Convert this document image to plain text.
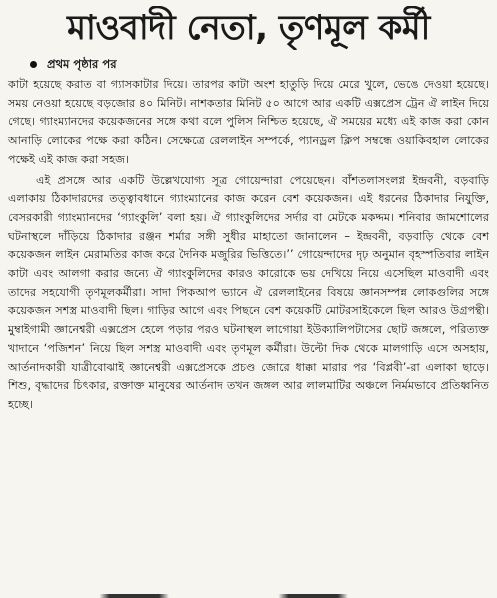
মাওবাদী নেতা, তৃণমূল কর্মী
প্রথম পৃষ্ঠার পর

কাটা হয়েছে করাত বা গ্যাসকাটার দিয়ে। তারপর কাটা অংশ হাতুড়ি দিয়ে মেরে খুলে, ভেঙে দেওয়া হয়েছে। সময় নেওয়া হয়েছে বড়জোর ৪০ মিনিট। নাশকতার মিনিট ৫০ আগে আর একটি এক্সপ্রেস ট্রেন ঐ লাইন দিয়ে গেছে। গ্যাংম্যানদের কয়েকজনের সঙ্গে কথা বলে পুলিস নিশ্চিত হয়েছে, ঐ সময়ের মধ্যে এই কাজ করা কোন আনাড়ি লোকের পক্ষে করা কঠিন। সেক্ষেত্রে রেললাইন সম্পর্কে, প্যানড্রল ক্লিপ সম্বন্ধে ওয়াকিবহাল লোকের পক্ষেই এই কাজ করা সহজ।

এই প্রসঙ্গে আর একটি উল্লেখযোগ্য সূত্র গোয়েন্দারা পেয়েছেন। বাঁশতলাসংলগ্ন ইন্দ্রবনী, বড়বাড়ি এলাকায় ঠিকাদারদের তত্ত্বাবধানে গ্যাংম্যানের কাজ করেন বেশ কয়েকজন। এই ধরনের ঠিকাদার নিযুক্তি, বেসরকারী গ্যাংম্যানদের ‘গ্যাংকুলি’ বলা হয়। ঐ গ্যাংকুলিদের সর্দার বা মেটকে মকদ্দম। শনিবার জামশোলের ঘটনাস্থলে দাঁড়িয়ে ঠিকাদার রঞ্জন শর্মার সঙ্গী সুধীর মাহাতো জানালেন – ইন্দ্রবনী, বড়বাড়ি থেকে বেশ কয়েকজন লাইন মেরামতির কাজ করে দৈনিক মজুরির ভিত্তিতে।’’ গোয়েন্দাদের দৃঢ় অনুমান বৃহস্পতিবার লাইন কাটা এবং আলগা করার জন্যে ঐ গ্যাংকুলিদের কারও কারোকে ভয় দেখিয়ে নিয়ে এসেছিল মাওবাদী এবং তাদের সহযোগী তৃণমূলকর্মীরা। সাদা পিকআপ ভ্যানে ঐ রেললাইনের বিষয়ে জ্ঞানসম্পন্ন লোকগুলির সঙ্গে কয়েকজন সশস্ত্র মাওবাদী ছিল। গাড়ির আগে এবং পিছনে বেশ কয়েকটি মোটরসাইকেলে ছিল আরও উগ্রপন্থী। মুম্বাইগামী জ্ঞানেশ্বরী এক্সপ্রেস হেলে পড়ার পরও ঘটনাস্থল লাগোয়া ইউক্যালিপটাসের ছোট জঙ্গলে, পরিত্যক্ত খাদানে ‘পজিশন’ নিয়ে ছিল সশস্ত্র মাওবাদী এবং তৃণমূল কর্মীরা। উল্টো দিক থেকে মালগাড়ি এসে অসহায়, আর্তনাদকারী যাত্রীবোঝাই জ্ঞানেশ্বরী এক্সপ্রেসকে প্রচণ্ড জোরে ধাক্কা মারার পর ‘বিপ্লবী’-রা এলাকা ছাড়ে। শিশু, বৃদ্ধাদের চিৎকার, রক্তাক্ত মানুষের আর্তনাদ তখন জঙ্গল আর লালমাটির অঞ্চলে নির্মমভাবে প্রতিধ্বনিত হচ্ছে।
